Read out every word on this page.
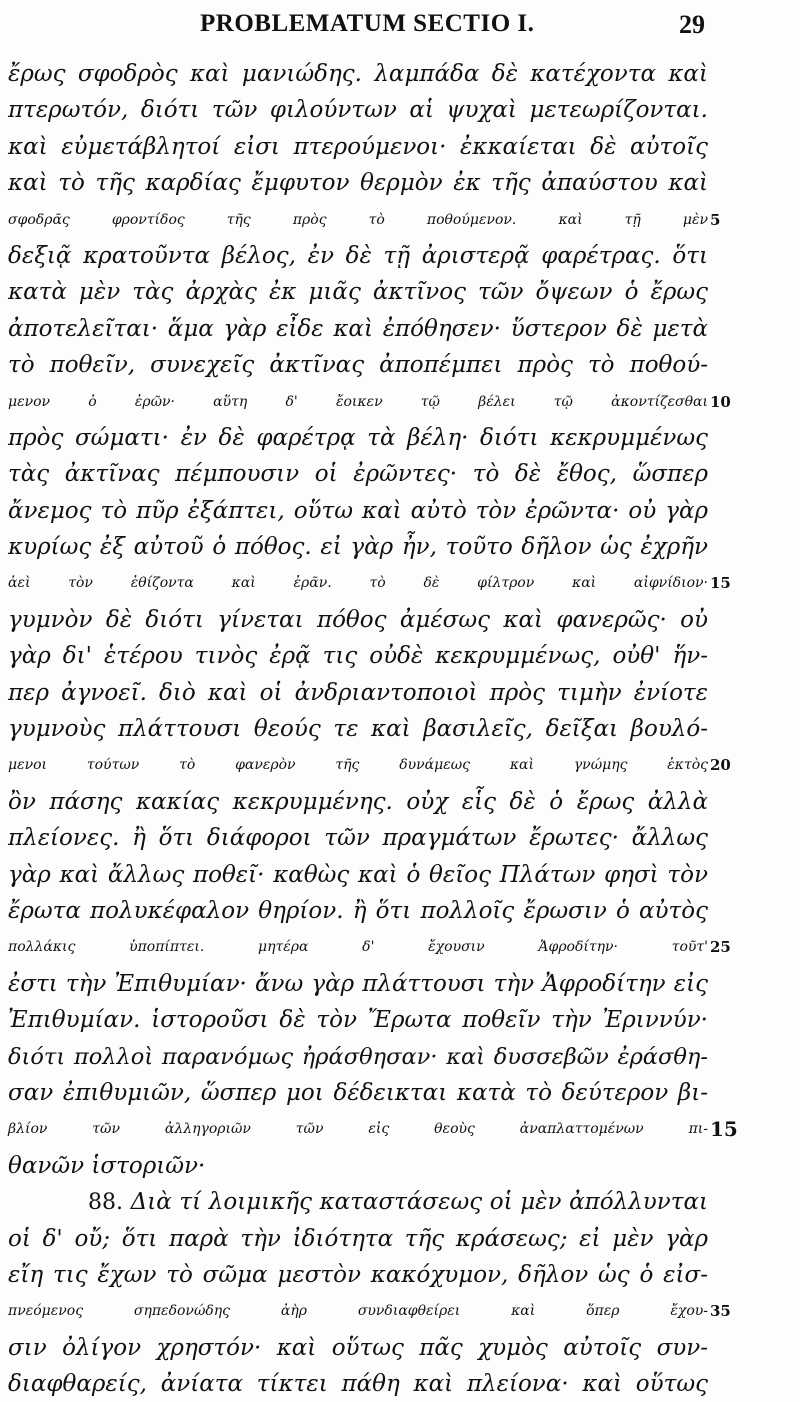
PROBLEMATUM SECTIO I.	29
ἔρως σφοδρὸς καὶ μανιώδης. λαμπάδα δὲ κατέχοντα καὶ
πτερωτόν, διότι τῶν φιλούντων αἱ ψυχαὶ μετεωρίζονται.
καὶ εὐμετάβλητοί εἰσι πτερούμενοι· ἐκκαίεται δὲ αὐτοῖς
καὶ τὸ τῆς καρδίας ἔμφυτον θερμὸν ἐκ τῆς ἀπαύστου καὶ
σφοδρᾶς φροντίδος τῆς πρὸς τὸ ποθούμενον. καὶ τῇ μὲν 5
δεξιᾷ κρατοῦντα βέλος, ἐν δὲ τῇ ἀριστερᾷ φαρέτρας. ὅτι
κατὰ μὲν τὰς ἀρχὰς ἐκ μιᾶς ἀκτῖνος τῶν ὄψεων ὁ ἔρως
ἀποτελεῖται· ἅμα γὰρ εἶδε καὶ ἐπόθησεν· ὕστερον δὲ μετὰ
τὸ ποθεῖν, συνεχεῖς ἀκτῖνας ἀποπέμπει πρὸς τὸ ποθού-
μενον ὁ ἐρῶν· αὕτη δ' ἔοικεν τῷ βέλει τῷ ἀκοντίζεσθαι 10
πρὸς σώματι· ἐν δὲ φαρέτρᾳ τὰ βέλη· διότι κεκρυμμένως
τὰς ἀκτῖνας πέμπουσιν οἱ ἐρῶντες· τὸ δὲ ἔθος, ὥσπερ
ἄνεμος τὸ πῦρ ἐξάπτει, οὕτω καὶ αὐτὸ τὸν ἐρῶντα· οὐ γὰρ
κυρίως ἐξ αὐτοῦ ὁ πόθος. εἰ γὰρ ἦν, τοῦτο δῆλον ὡς ἐχρῆν
ἀεὶ τὸν ἐθίζοντα καὶ ἐρᾶν. τὸ δὲ φίλτρον καὶ αἰφνίδιον· 15
γυμνὸν δὲ διότι γίνεται πόθος ἀμέσως καὶ φανερῶς· οὐ
γὰρ δι' ἑτέρου τινὸς ἐρᾷ τις οὐδὲ κεκρυμμένως, οὐθ' ἥν-
περ ἀγνοεῖ. διὸ καὶ οἱ ἀνδριαντοποιοὶ πρὸς τιμὴν ἐνίοτε
γυμνοὺς πλάττουσι θεούς τε καὶ βασιλεῖς, δεῖξαι βουλό-
μενοι τούτων τὸ φανερὸν τῆς δυνάμεως καὶ γνώμης ἐκτὸς 20
ὂν πάσης κακίας κεκρυμμένης. οὐχ εἷς δὲ ὁ ἔρως ἀλλὰ
πλείονες. ἢ ὅτι διάφοροι τῶν πραγμάτων ἔρωτες· ἄλλως
γὰρ καὶ ἄλλως ποθεῖ· καθὼς καὶ ὁ θεῖος Πλάτων φησὶ τὸν
ἔρωτα πολυκέφαλον θηρίον. ἢ ὅτι πολλοῖς ἔρωσιν ὁ αὐτὸς
πολλάκις ὑποπίπτει. μητέρα δ' ἔχουσιν Ἀφροδίτην· τοῦτ' 25
ἐστι τὴν Ἐπιθυμίαν· ἄνω γὰρ πλάττουσι τὴν Ἀφροδίτην εἰς
Ἐπιθυμίαν. ἱστοροῦσι δὲ τὸν Ἔρωτα ποθεῖν τὴν Ἐριννύν·
διότι πολλοὶ παρανόμως ἠράσθησαν· καὶ δυσσεβῶν ἐράσθη-
σαν ἐπιθυμιῶν, ὥσπερ μοι δέδεικται κατὰ τὸ δεύτερον βι-
βλίον τῶν ἀλληγοριῶν τῶν εἰς θεοὺς ἀναπλαττομένων πι- 15
θανῶν ἱστοριῶν·
88. Διὰ τί λοιμικῆς καταστάσεως οἱ μὲν ἀπόλλυνται
οἱ δ' οὔ; ὅτι παρὰ τὴν ἰδιότητα τῆς κράσεως; εἰ μὲν γὰρ
εἴη τις ἔχων τὸ σῶμα μεστὸν κακόχυμον, δῆλον ὡς ὁ εἰσ-
πνεόμενος σηπεδονώδης ἀὴρ συνδιαφθείρει καὶ ὅπερ ἔχου- 35
σιν ὀλίγον χρηστόν· καὶ οὕτως πᾶς χυμὸς αὐτοῖς συν-
διαφθαρείς, ἀνίατα τίκτει πάθη καὶ πλείονα· καὶ οὕτως
